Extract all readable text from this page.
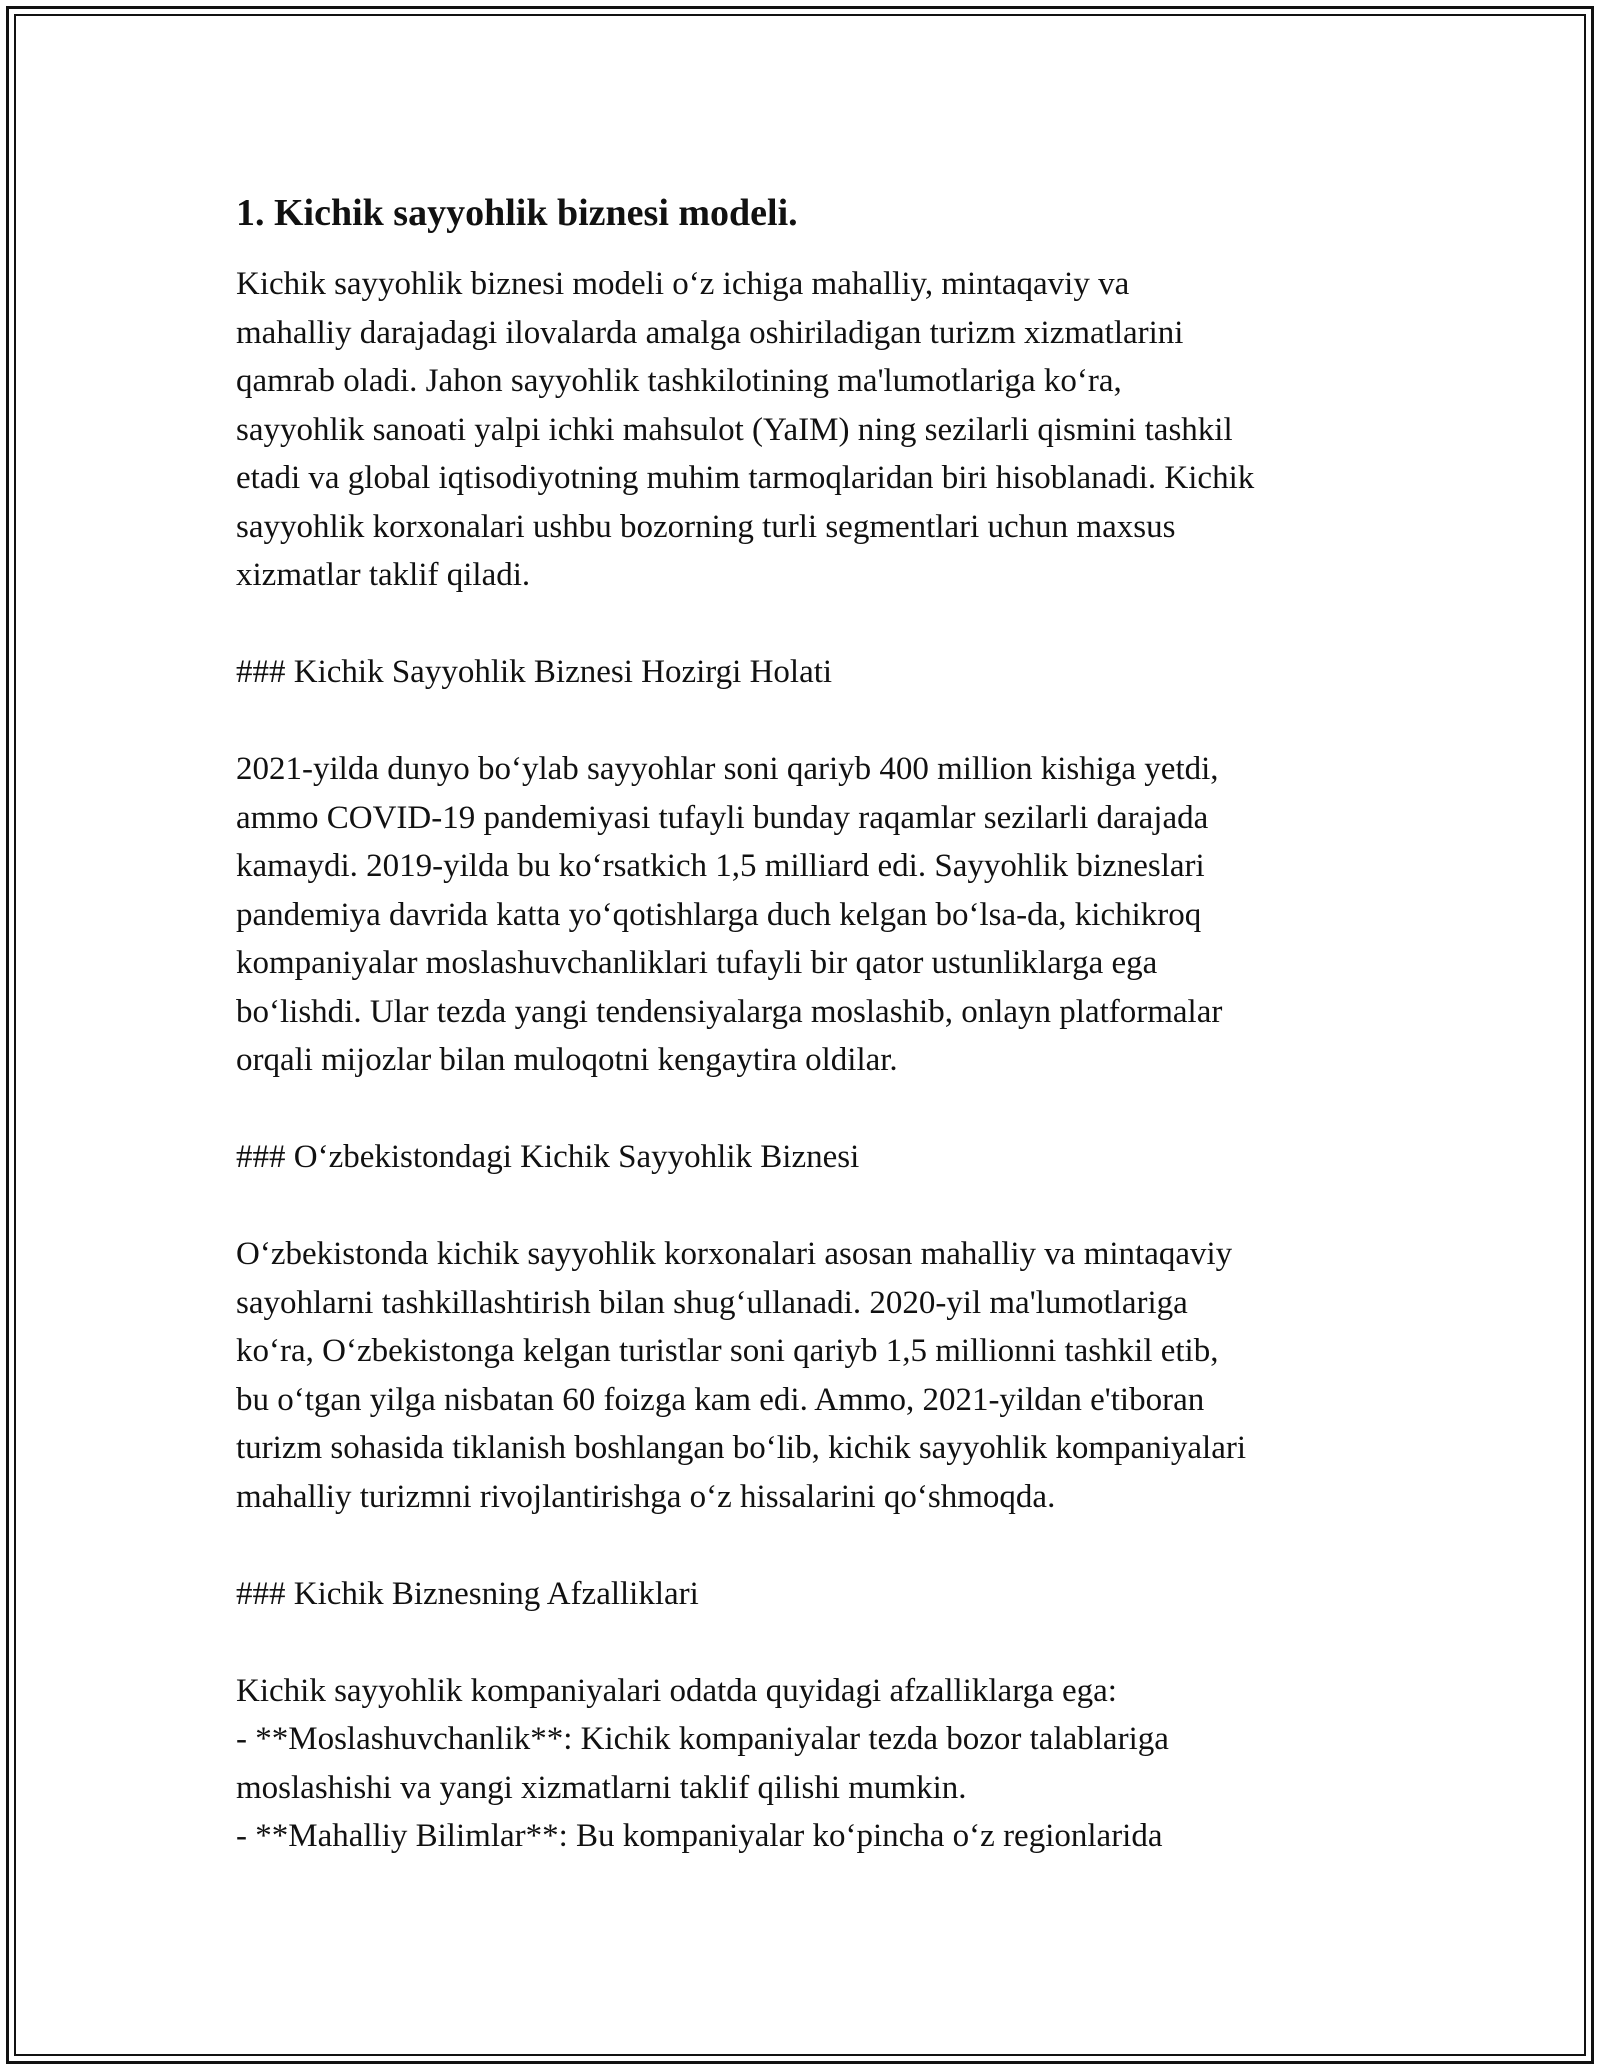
1. Kichik sayyohlik biznesi modeli.

Kichik sayyohlik biznesi modeli o‘z ichiga mahalliy, mintaqaviy va
mahalliy darajadagi ilovalarda amalga oshiriladigan turizm xizmatlarini
qamrab oladi. Jahon sayyohlik tashkilotining ma'lumotlariga ko‘ra,
sayyohlik sanoati yalpi ichki mahsulot (YaIM) ning sezilarli qismini tashkil
etadi va global iqtisodiyotning muhim tarmoqlaridan biri hisoblanadi. Kichik
sayyohlik korxonalari ushbu bozorning turli segmentlari uchun maxsus
xizmatlar taklif qiladi.

### Kichik Sayyohlik Biznesi Hozirgi Holati

2021-yilda dunyo bo‘ylab sayyohlar soni qariyb 400 million kishiga yetdi,
ammo COVID-19 pandemiyasi tufayli bunday raqamlar sezilarli darajada
kamaydi. 2019-yilda bu ko‘rsatkich 1,5 milliard edi. Sayyohlik bizneslari
pandemiya davrida katta yo‘qotishlarga duch kelgan bo‘lsa-da, kichikroq
kompaniyalar moslashuvchanliklari tufayli bir qator ustunliklarga ega
bo‘lishdi. Ular tezda yangi tendensiyalarga moslashib, onlayn platformalar
orqali mijozlar bilan muloqotni kengaytira oldilar.

### O‘zbekistondagi Kichik Sayyohlik Biznesi

O‘zbekistonda kichik sayyohlik korxonalari asosan mahalliy va mintaqaviy
sayohlarni tashkillashtirish bilan shug‘ullanadi. 2020-yil ma'lumotlariga
ko‘ra, O‘zbekistonga kelgan turistlar soni qariyb 1,5 millionni tashkil etib,
bu o‘tgan yilga nisbatan 60 foizga kam edi. Ammo, 2021-yildan e'tiboran
turizm sohasida tiklanish boshlangan bo‘lib, kichik sayyohlik kompaniyalari
mahalliy turizmni rivojlantirishga o‘z hissalarini qo‘shmoqda.

### Kichik Biznesning Afzalliklari

Kichik sayyohlik kompaniyalari odatda quyidagi afzalliklarga ega:
- **Moslashuvchanlik**: Kichik kompaniyalar tezda bozor talablariga
moslashishi va yangi xizmatlarni taklif qilishi mumkin.
- **Mahalliy Bilimlar**: Bu kompaniyalar ko‘pincha o‘z regionlarida
